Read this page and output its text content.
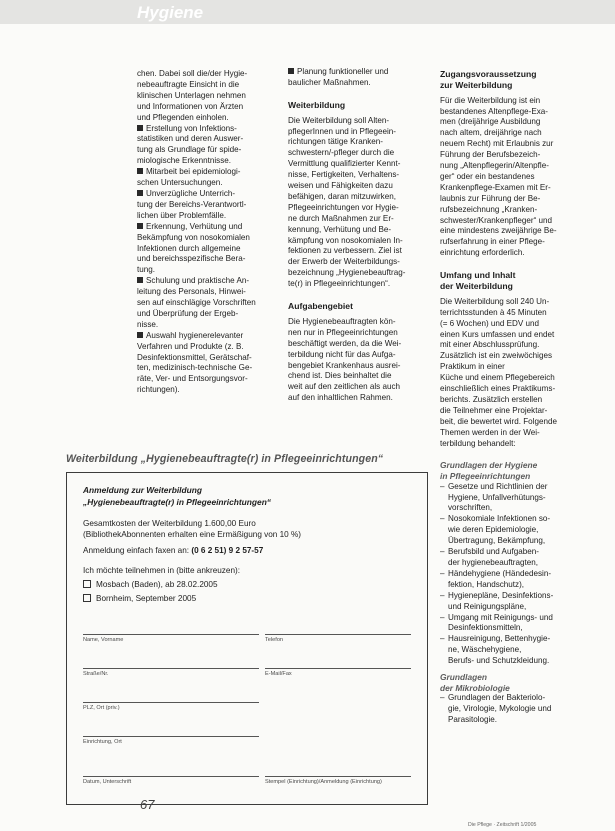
Hygiene

chen. Dabei soll die/der Hygie-

nebeauftragte Einsicht in die

klinischen Unterlagen nehmen

und Informationen von Ärzten

und Pflegenden einholen.

Erstellung von Infektions-

statistiken und deren Auswer-

tung als Grundlage für spide-

miologische Erkenntnisse.

Mitarbeit bei epidemiologi-

schen Untersuchungen.

Unverzügliche Unterrich-

tung der Bereichs-Verantwortl-

lichen über Problemfälle.

Erkennung, Verhütung und

Bekämpfung von nosokomialen

Infektionen durch allgemeine

und bereichsspezifische Bera-

tung.

Schulung und praktische An-

leitung des Personals, Hinwei-

sen auf einschlägige Vorschriften

und Überprüfung der Ergeb-

nisse.

Auswahl hygienerelevanter

Verfahren und Produkte (z. B.

Desinfektionsmittel, Gerätschaf-

ten, medizinisch-technische Ge-

räte, Ver- und Entsorgungsvor-

richtungen).

Planung funktioneller und

baulicher Maßnahmen.

Weiterbildung

Die Weiterbildung soll Alten-

pflegerInnen und in Pflegeein-

richtungen tätige Kranken-

schwestern/-pfleger durch die

Vermittlung qualifizierter Kennt-

nisse, Fertigkeiten, Verhaltens-

weisen und Fähigkeiten dazu

befähigen, daran mitzuwirken,

Pflegeeinrichtungen vor Hygie-

ne durch Maßnahmen zur Er-

kennung, Verhütung und Be-

kämpfung von nosokomialen In-

fektionen zu verbessern. Ziel ist

der Erwerb der Weiterbildungs-

bezeichnung „Hygienebeauftrag-

te(r) in Pflegeeinrichtungen“.

Aufgabengebiet

Die Hygienebeauftragten kön-

nen nur in Pflegeeinrichtungen

beschäftigt werden, da die Wei-

terbildung nicht für das Aufga-

bengebiet Krankenhaus ausrei-

chend ist. Dies beinhaltet die

weit auf den zeitlichen als auch

auf den inhaltlichen Rahmen.

Zugangsvoraussetzung
zur Weiterbildung

Für die Weiterbildung ist ein

bestandenes Altenpflege-Exa-

men (dreijährige Ausbildung

nach altem, dreijährige nach

neuem Recht) mit Erlaubnis zur

Führung der Berufsbezeich-

nung „Altenpflegerin/Altenpfle-

ger“ oder ein bestandenes

Krankenpflege-Examen mit Er-

laubnis zur Führung der Be-

rufsbezeichnung „Kranken-

schwester/Krankenpfleger“ und

eine mindestens zweijährige Be-

rufserfahrung in einer Pflege-

einrichtung erforderlich.

Umfang und Inhalt
der Weiterbildung

Die Weiterbildung soll 240 Un-

terrichtsstunden à 45 Minuten

(= 6 Wochen) und EDV und

einen Kurs umfassen und endet

mit einer Abschlussprüfung.

Zusätzlich ist ein zweiwöchiges

Praktikum in einer

Küche und einem Pflegebereich

einschließlich eines Praktikums-

berichts. Zusätzlich erstellen

die Teilnehmer eine Projektar-

beit, die bewertet wird. Folgende

Themen werden in der Wei-

terbildung behandelt:

Grundlagen der Hygiene
in Pflegeeinrichtungen

– Gesetze und Richtlinien der
Hygiene, Unfallverhütungs-
vorschriften,
– Nosokomiale Infektionen so-
wie deren Epidemiologie,
Übertragung, Bekämpfung,
– Berufsbild und Aufgaben-
der hygienebeauftragten,
– Händehygiene (Händedesin-
fektion, Handschutz),
– Hygienepläne, Desinfektions-
und Reinigungspläne,
– Umgang mit Reinigungs- und
Desinfektionsmitteln,
– Hausreinigung, Bettenhygie-
ne, Wäschehygiene,
Berufs- und Schutzkleidung.

Grundlagen
der Mikrobiologie

– Grundlagen der Bakteriolo-
gie, Virologie, Mykologie und
Parasitologie.
Weiterbildung „Hygienebeauftragte(r) in Pflegeeinrichtungen“
Anmeldung zur Weiterbildung
„Hygienebeauftragte(r) in Pflegeeinrichtungen“
Gesamtkosten der Weiterbildung 1.600,00 Euro
(BibliothekAbonnenten erhalten eine Ermäßigung von 10 %)
Anmeldung einfach faxen an: (0 6 2 51) 9 2 57-57
Ich möchte teilnehmen in (bitte ankreuzen):
Mosbach (Baden), ab 28.02.2005
Bornheim, September 2005
Name, Vorname	Telefon
Straße/Nr.	E-Mail/Fax
PLZ, Ort (priv.)
Einrichtung, Ort
Datum, Unterschrift	Stempel (Einrichtung)/Anmeldung (Einrichtung)
67
Die Pflege · Zeitschrift 1/2005
